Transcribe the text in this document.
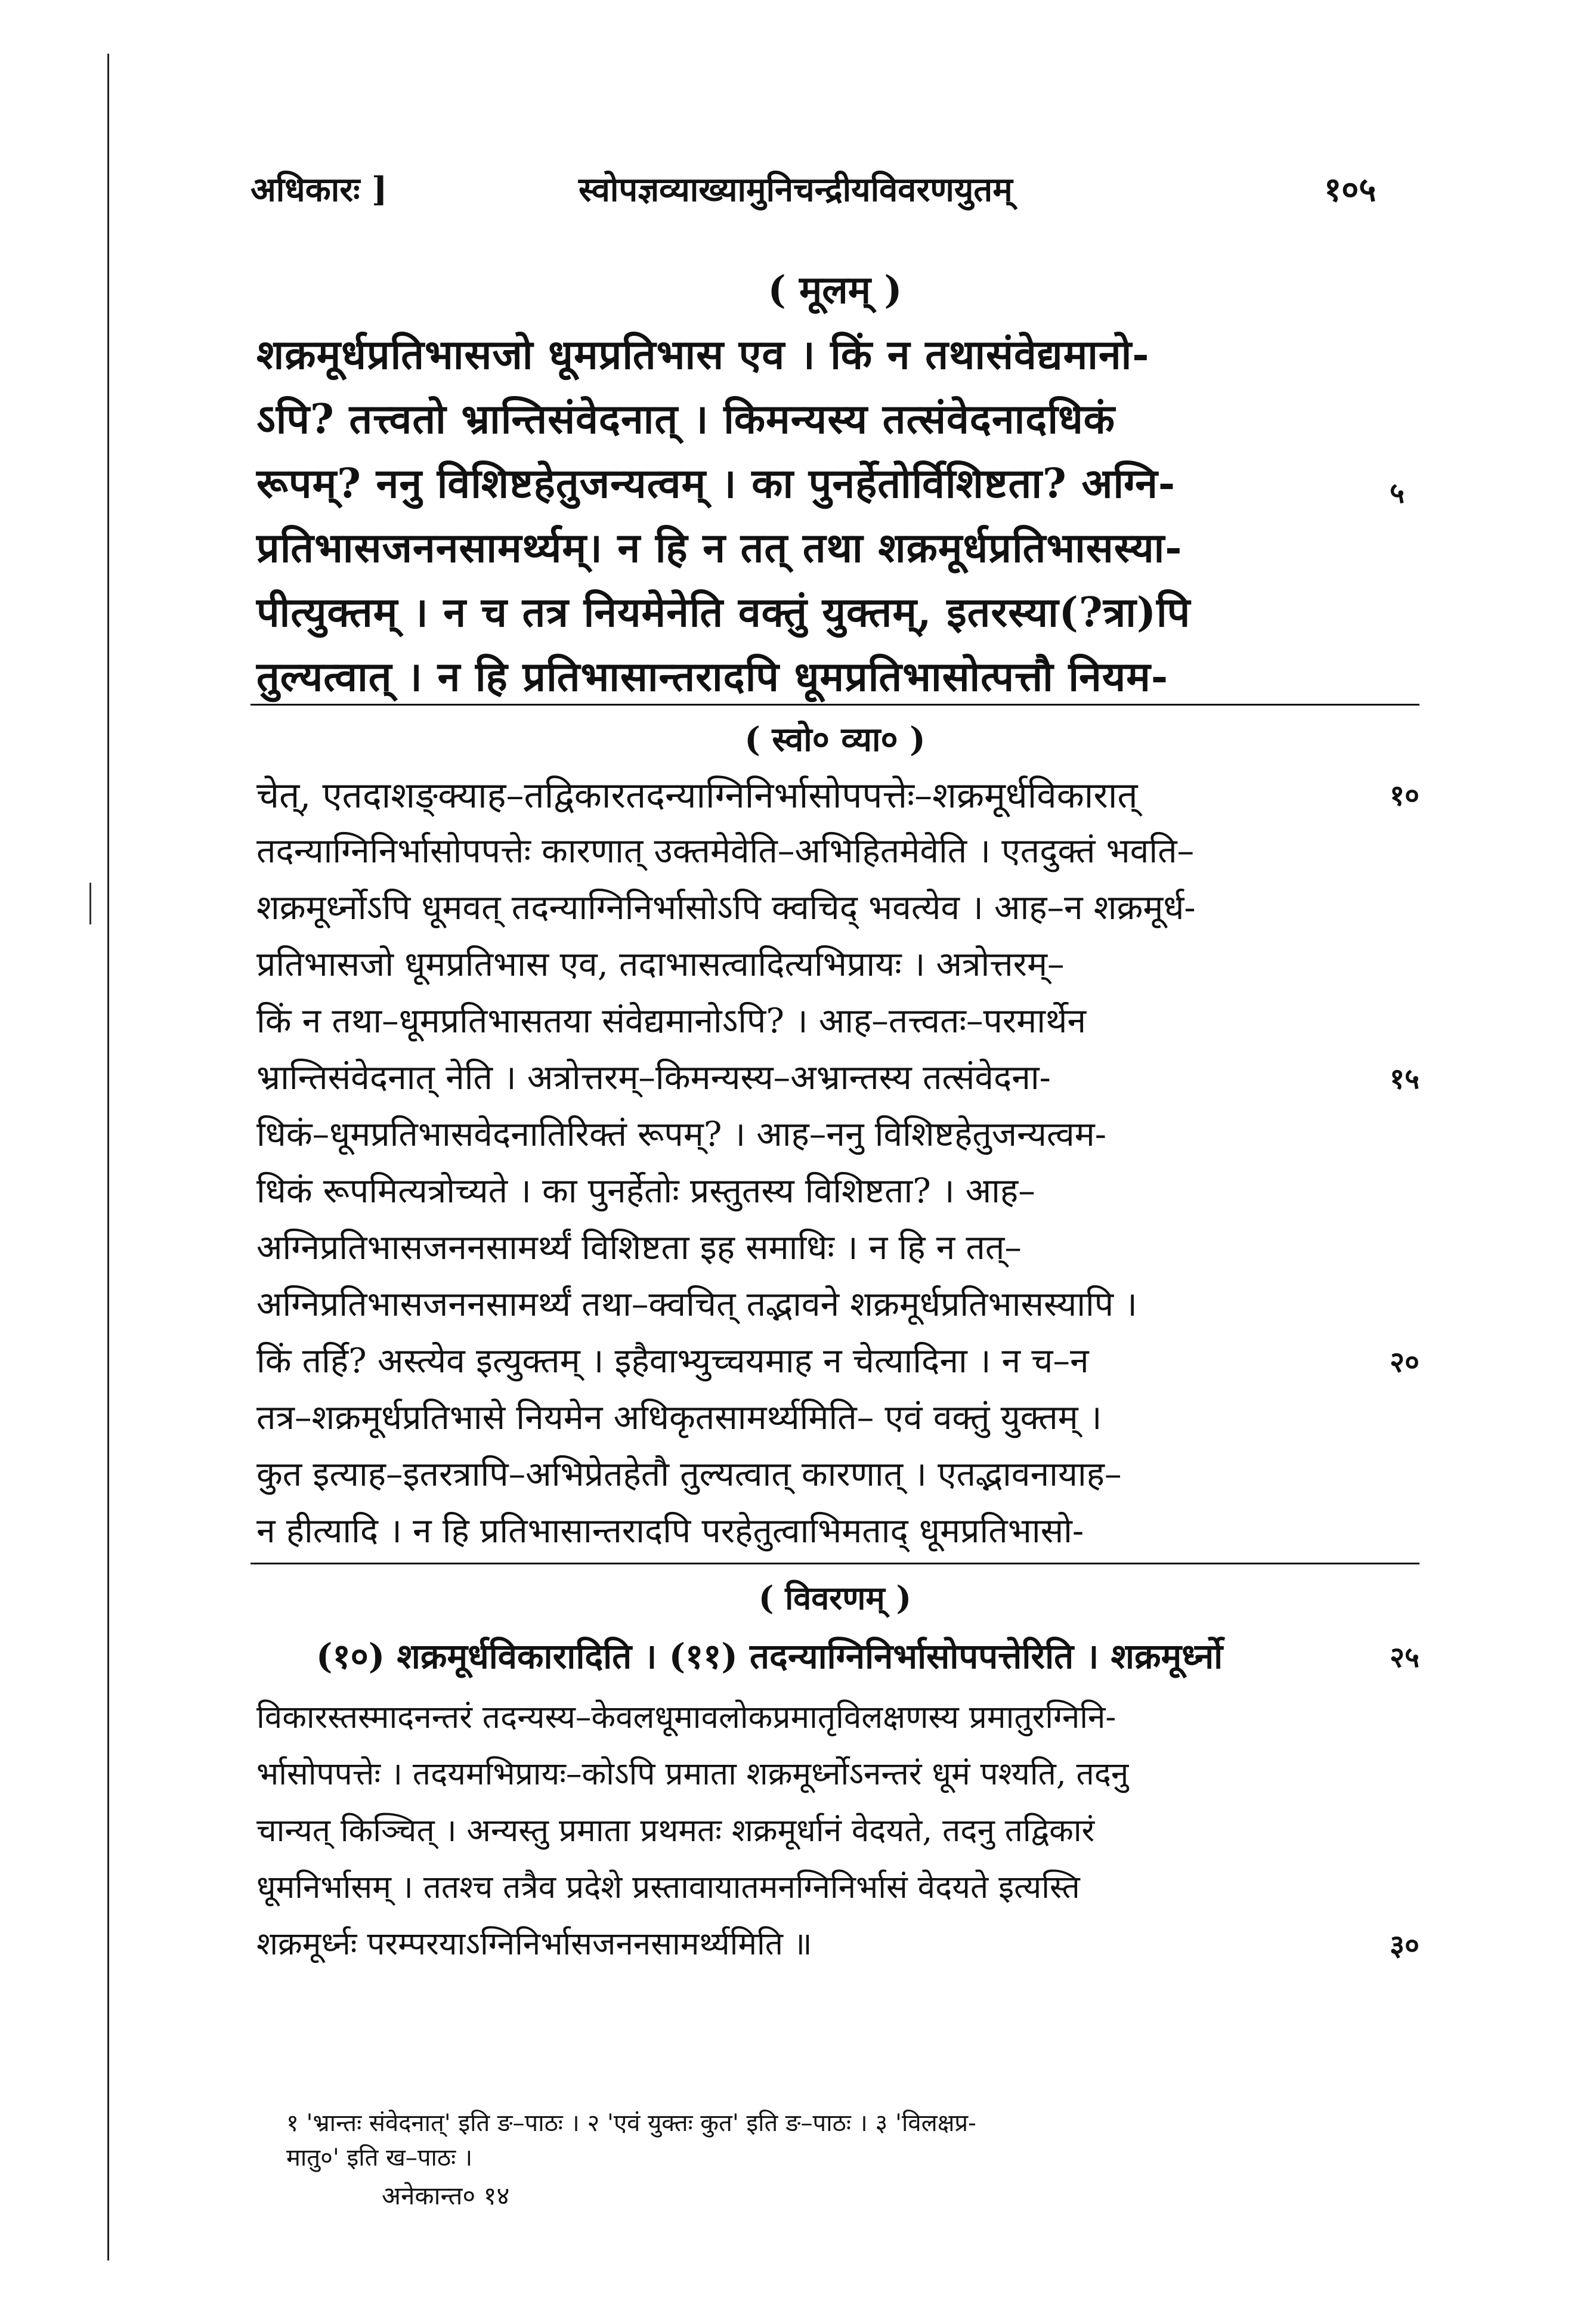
अधिकारः ]	स्वोपज्ञव्याख्यामुनिचन्द्रीयविवरणयुतम्	१०५
( मूलम् )
शक्रमूर्धप्रतिभासजो धूमप्रतिभास एव । किं न तथासंवेद्यमानो-
ऽपि? तत्त्वतो भ्रान्तिसंवेदनात् । किमन्यस्य तत्संवेदनादधिकं
रूपम्? ननु विशिष्टहेतुजन्यत्वम् । का पुनर्हेतोर्विशिष्टता? अग्नि-
प्रतिभासजननसामर्थ्यम्। न हि न तत् तथा शक्रमूर्धप्रतिभासस्या-
पीत्युक्तम् । न च तत्र नियमेनेति वक्तुं युक्तम्, इतरस्या(?त्रा)पि
तुल्यत्वात् । न हि प्रतिभासान्तरादपि धूमप्रतिभासोत्पत्तौ नियम-
५
( स्वो० व्या० )
चेत्, एतदाशङ्क्याह–तद्विकारतदन्याग्निनिर्भासोपपत्तेः–शक्रमूर्धविकारात्
तदन्याग्निनिर्भासोपपत्तेः कारणात् उक्तमेवेति–अभिहितमेवेति । एतदुक्तं भवति–
शक्रमूर्ध्नोऽपि धूमवत् तदन्याग्निनिर्भासोऽपि क्वचिद् भवत्येव । आह–न शक्रमूर्ध-
प्रतिभासजो धूमप्रतिभास एव, तदाभासत्वादित्यभिप्रायः । अत्रोत्तरम्–
किं न तथा–धूमप्रतिभासतया संवेद्यमानोऽपि? । आह–तत्त्वतः–परमार्थेन
भ्रान्तिसंवेदनात् नेति । अत्रोत्तरम्–किमन्यस्य–अभ्रान्तस्य तत्संवेदना-
धिकं–धूमप्रतिभासवेदनातिरिक्तं रूपम्? । आह–ननु विशिष्टहेतुजन्यत्वम-
धिकं रूपमित्यत्रोच्यते । का पुनर्हेतोः प्रस्तुतस्य विशिष्टता? । आह–
अग्निप्रतिभासजननसामर्थ्यं विशिष्टता इह समाधिः । न हि न तत्–
अग्निप्रतिभासजननसामर्थ्यं तथा–क्वचित् तद्भावने शक्रमूर्धप्रतिभासस्यापि ।
किं तर्हि? अस्त्येव इत्युक्तम् । इहैवाभ्युच्चयमाह न चेत्यादिना । न च–न
तत्र–शक्रमूर्धप्रतिभासे नियमेन अधिकृतसामर्थ्यमिति– एवं वक्तुं युक्तम् ।
कुत इत्याह–इतरत्रापि–अभिप्रेतहेतौ तुल्यत्वात् कारणात् । एतद्भावनायाह–
न हीत्यादि । न हि प्रतिभासान्तरादपि परहेतुत्वाभिमताद् धूमप्रतिभासो-
१०
१५
२०
( विवरणम् )
(१०) शक्रमूर्धविकारादिति । (११) तदन्याग्निनिर्भासोपपत्तेरिति । शक्रमूर्ध्नो
विकारस्तस्मादनन्तरं तदन्यस्य–केवलधूमावलोकप्रमातृविलक्षणस्य प्रमातुरग्निनि-
र्भासोपपत्तेः । तदयमभिप्रायः–कोऽपि प्रमाता शक्रमूर्ध्नोऽनन्तरं धूमं पश्यति, तदनु
चान्यत् किञ्चित् । अन्यस्तु प्रमाता प्रथमतः शक्रमूर्धानं वेदयते, तदनु तद्विकारं
धूमनिर्भासम् । ततश्च तत्रैव प्रदेशे प्रस्तावायातमनग्निनिर्भासं वेदयते इत्यस्ति
शक्रमूर्ध्नः परम्परयाऽग्निनिर्भासजननसामर्थ्यमिति ॥
२५
३०
१ 'भ्रान्तः संवेदनात्' इति ङ–पाठः । २ 'एवं युक्तः कुत' इति ङ–पाठः । ३ 'विलक्षप्र-
मातु०' इति ख–पाठः ।
अनेकान्त० १४
